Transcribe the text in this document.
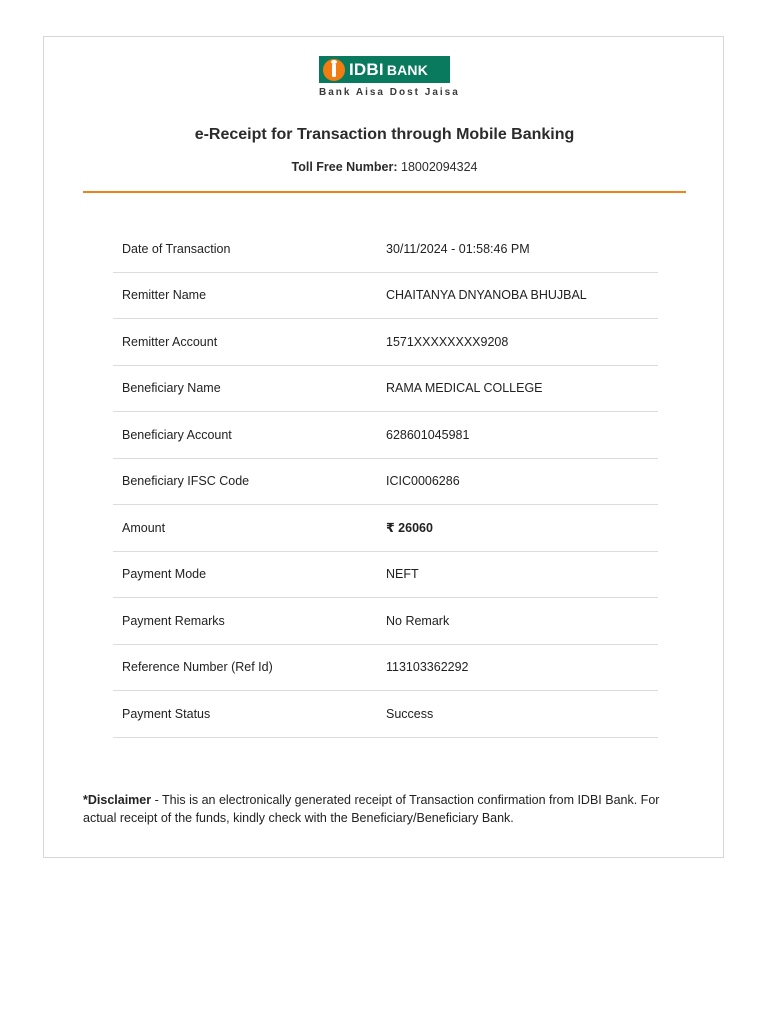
IDBI BANK
Bank Aisa Dost Jaisa
e-Receipt for Transaction through Mobile Banking
Toll Free Number: 18002094324
Date of Transaction	30/11/2024 - 01:58:46 PM
Remitter Name	CHAITANYA DNYANOBA BHUJBAL
Remitter Account	1571XXXXXXXX9208
Beneficiary Name	RAMA MEDICAL COLLEGE
Beneficiary Account	628601045981
Beneficiary IFSC Code	ICIC0006286
Amount	₹ 26060
Payment Mode	NEFT
Payment Remarks	No Remark
Reference Number (Ref Id)	113103362292
Payment Status	Success
*Disclaimer - This is an electronically generated receipt of Transaction confirmation from IDBI Bank. For actual receipt of the funds, kindly check with the Beneficiary/Beneficiary Bank.
